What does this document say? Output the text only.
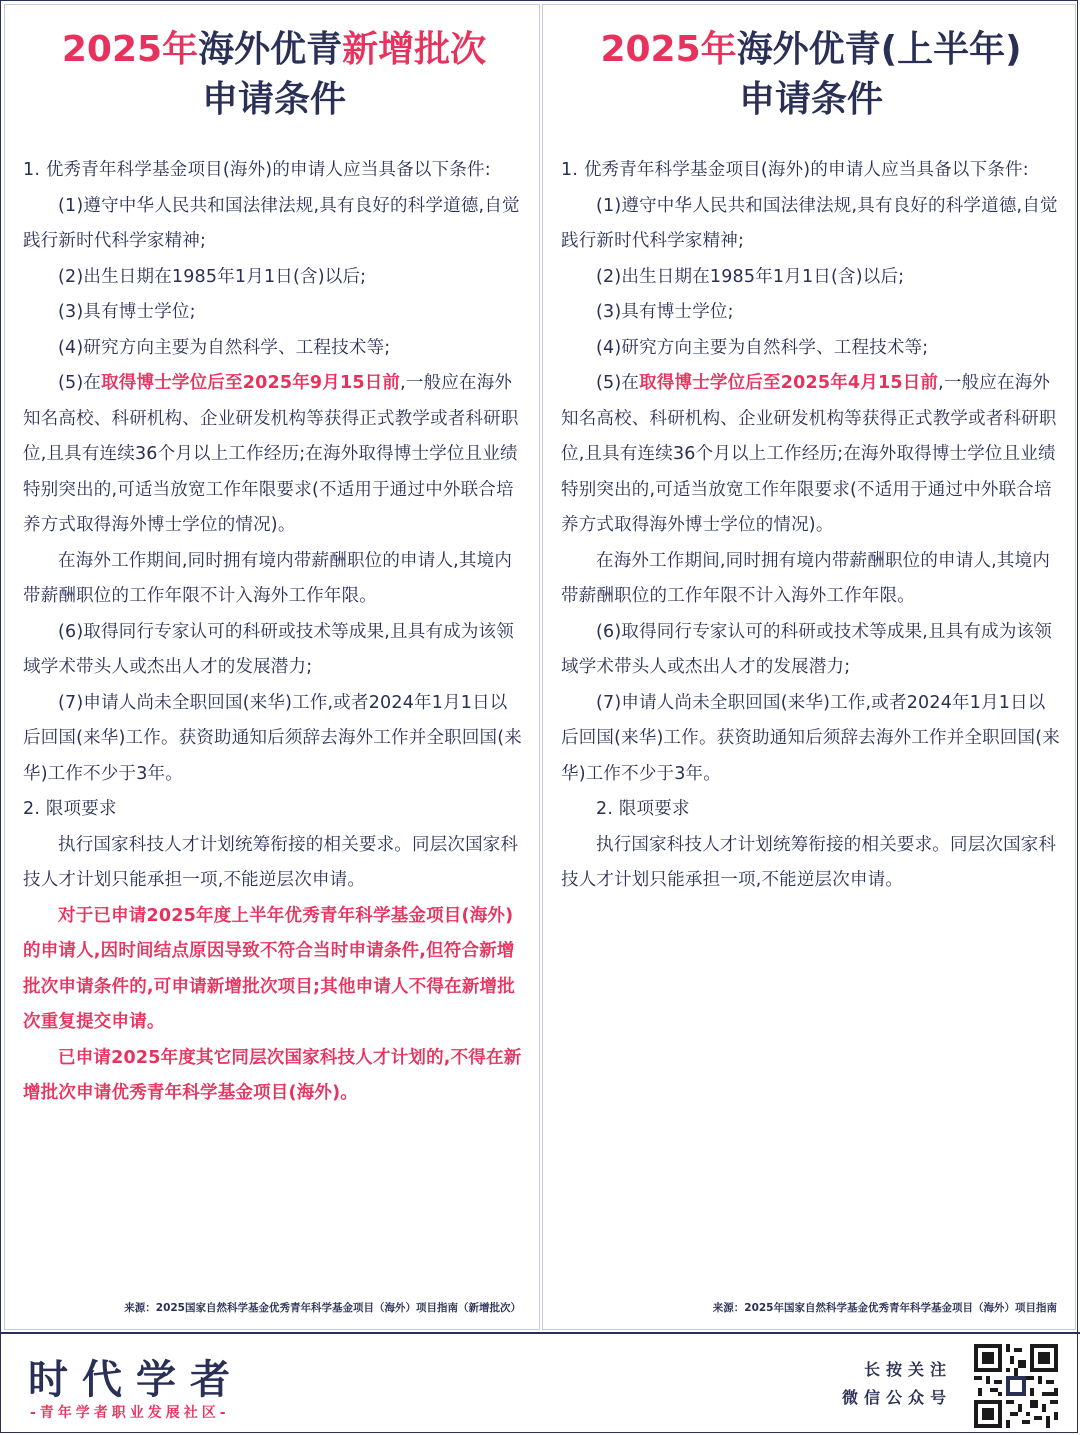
2025年海外优青新增批次
申请条件

1. 优秀青年科学基金项目(海外)的申请人应当具备以下条件:

(1)遵守中华人民共和国法律法规,具有良好的科学道德,自觉践行新时代科学家精神;

(2)出生日期在1985年1月1日(含)以后;

(3)具有博士学位;

(4)研究方向主要为自然科学、工程技术等;

(5)在取得博士学位后至2025年9月15日前,一般应在海外知名高校、科研机构、企业研发机构等获得正式教学或者科研职位,且具有连续36个月以上工作经历;在海外取得博士学位且业绩特别突出的,可适当放宽工作年限要求(不适用于通过中外联合培养方式取得海外博士学位的情况)。

在海外工作期间,同时拥有境内带薪酬职位的申请人,其境内带薪酬职位的工作年限不计入海外工作年限。

(6)取得同行专家认可的科研或技术等成果,且具有成为该领域学术带头人或杰出人才的发展潜力;

(7)申请人尚未全职回国(来华)工作,或者2024年1月1日以后回国(来华)工作。获资助通知后须辞去海外工作并全职回国(来华)工作不少于3年。

2. 限项要求

执行国家科技人才计划统筹衔接的相关要求。同层次国家科技人才计划只能承担一项,不能逆层次申请。

对于已申请2025年度上半年优秀青年科学基金项目(海外)的申请人,因时间结点原因导致不符合当时申请条件,但符合新增批次申请条件的,可申请新增批次项目;其他申请人不得在新增批次重复提交申请。

已申请2025年度其它同层次国家科技人才计划的,不得在新增批次申请优秀青年科学基金项目(海外)。

来源：2025国家自然科学基金优秀青年科学基金项目（海外）项目指南（新增批次）
2025年海外优青(上半年)
申请条件

1. 优秀青年科学基金项目(海外)的申请人应当具备以下条件:

(1)遵守中华人民共和国法律法规,具有良好的科学道德,自觉践行新时代科学家精神;

(2)出生日期在1985年1月1日(含)以后;

(3)具有博士学位;

(4)研究方向主要为自然科学、工程技术等;

(5)在取得博士学位后至2025年4月15日前,一般应在海外知名高校、科研机构、企业研发机构等获得正式教学或者科研职位,且具有连续36个月以上工作经历;在海外取得博士学位且业绩特别突出的,可适当放宽工作年限要求(不适用于通过中外联合培养方式取得海外博士学位的情况)。

在海外工作期间,同时拥有境内带薪酬职位的申请人,其境内带薪酬职位的工作年限不计入海外工作年限。

(6)取得同行专家认可的科研或技术等成果,且具有成为该领域学术带头人或杰出人才的发展潜力;

(7)申请人尚未全职回国(来华)工作,或者2024年1月1日以后回国(来华)工作。获资助通知后须辞去海外工作并全职回国(来华)工作不少于3年。

2. 限项要求

执行国家科技人才计划统筹衔接的相关要求。同层次国家科技人才计划只能承担一项,不能逆层次申请。

来源：2025年国家自然科学基金优秀青年科学基金项目（海外）项目指南
时代学者
-青年学者职业发展社区-
长按关注
微信公众号
